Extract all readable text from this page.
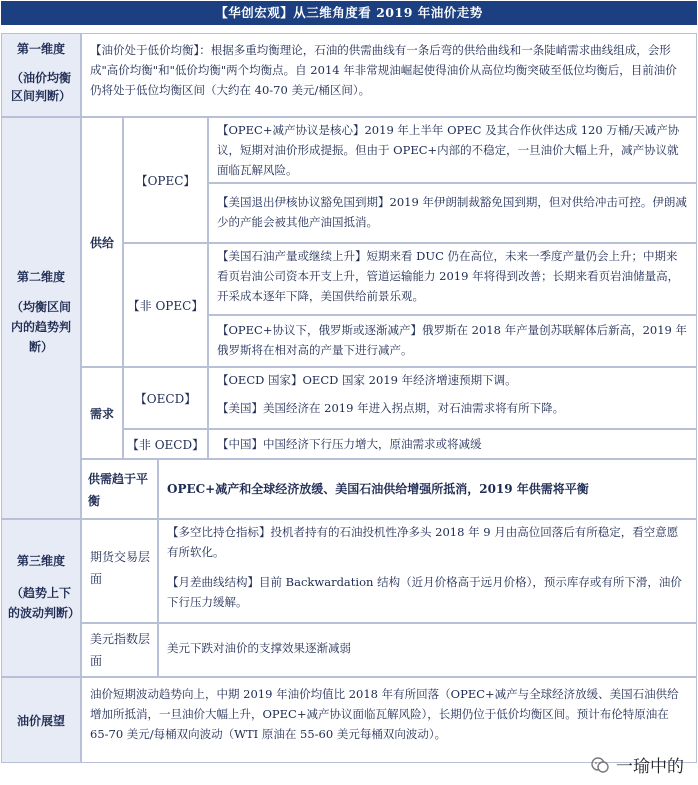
【华创宏观】从三维角度看 2019 年油价走势
第一维度
（油价均衡区间判断）
【油价处于低价均衡】：根据多重均衡理论，石油的供需曲线有一条后弯的供给曲线和一条陡峭需求曲线组成，会形成"高价均衡"和"低价均衡"两个均衡点。自 2014 年非常规油崛起使得油价从高位均衡突破至低位均衡后，目前油价仍将处于低位均衡区间（大约在 40-70 美元/桶区间）。
第二维度
（均衡区间内的趋势判断）
供给
【OPEC】
【OPEC+减产协议是核心】2019 年上半年 OPEC 及其合作伙伴达成 120 万桶/天减产协议，短期对油价形成提振。但由于 OPEC+内部的不稳定，一旦油价大幅上升，减产协议就面临瓦解风险。
【美国退出伊核协议豁免国到期】2019 年伊朗制裁豁免国到期，但对供给冲击可控。伊朗减少的产能会被其他产油国抵消。
【非 OPEC】
【美国石油产量或继续上升】短期来看 DUC 仍在高位，未来一季度产量仍会上升；中期来看页岩油公司资本开支上升，管道运输能力 2019 年将得到改善；长期来看页岩油储量高，开采成本逐年下降，美国供给前景乐观。
【OPEC+协议下，俄罗斯或逐渐减产】俄罗斯在 2018 年产量创苏联解体后新高，2019 年俄罗斯将在相对高的产量下进行减产。
需求
【OECD】
【OECD 国家】OECD 国家 2019 年经济增速预期下调。
【美国】美国经济在 2019 年进入拐点期，对石油需求将有所下降。
【非 OECD】	【中国】中国经济下行压力增大，原油需求或将减缓
供需趋于平衡
OPEC+减产和全球经济放缓、美国石油供给增强所抵消，2019 年供需将平衡
第三维度
（趋势上下的波动判断）
期货交易层面
【多空比持仓指标】投机者持有的石油投机性净多头 2018 年 9 月由高位回落后有所稳定，看空意愿有所软化。
【月差曲线结构】目前 Backwardation 结构（近月价格高于远月价格），预示库存或有所下滑，油价下行压力缓解。
美元指数层面
美元下跌对油价的支撑效果逐渐减弱
油价展望
油价短期波动趋势向上，中期 2019 年油价均值比 2018 年有所回落（OPEC+减产与全球经济放缓、美国石油供给增加所抵消，一旦油价大幅上升，OPEC+减产协议面临瓦解风险），长期仍位于低价均衡区间。预计布伦特原油在 65-70 美元/每桶双向波动（WTI 原油在 55-60 美元每桶双向波动）。
一瑜中的
